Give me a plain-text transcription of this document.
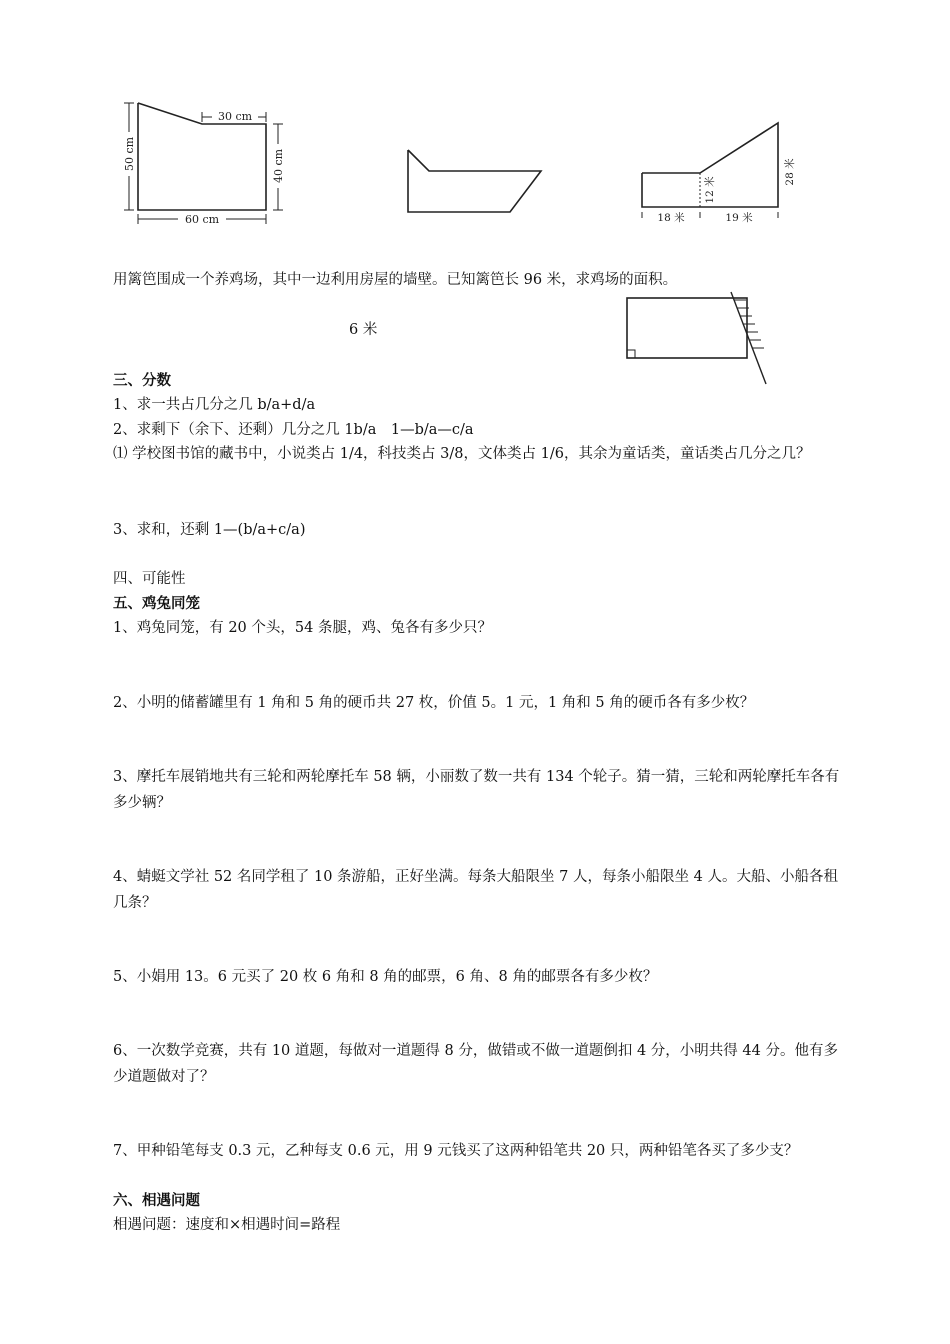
30 cm
50 cm	40 cm
60 cm
12 米
28 米
18 米	19 米
用篱笆围成一个养鸡场，其中一边利用房屋的墙壁。已知篱笆长 96 米，求鸡场的面积。
6 米
三、分数
1、求一共占几分之几 b/a+d/a
2、求剩下（余下、还剩）几分之几 1b/a　1—b/a—c/a
⑴ 学校图书馆的藏书中，小说类占 1/4，科技类占 3/8，文体类占 1/6，其余为童话类，童话类占几分之几？
3、求和，还剩 1—(b/a+c/a)
四、可能性
五、鸡兔同笼
1、鸡兔同笼，有 20 个头，54 条腿，鸡、兔各有多少只？
2、小明的储蓄罐里有 1 角和 5 角的硬币共 27 枚，价值 5。1 元，1 角和 5 角的硬币各有多少枚？
3、摩托车展销地共有三轮和两轮摩托车 58 辆，小丽数了数一共有 134 个轮子。猜一猜，三轮和两轮摩托车各有多少辆？
4、蜻蜓文学社 52 名同学租了 10 条游船，正好坐满。每条大船限坐 7 人，每条小船限坐 4 人。大船、小船各租几条？
5、小娟用 13。6 元买了 20 枚 6 角和 8 角的邮票，6 角、8 角的邮票各有多少枚？
6、一次数学竞赛，共有 10 道题，每做对一道题得 8 分，做错或不做一道题倒扣 4 分，小明共得 44 分。他有多少道题做对了？
7、甲种铅笔每支 0.3 元，乙种每支 0.6 元，用 9 元钱买了这两种铅笔共 20 只，两种铅笔各买了多少支？
六、相遇问题
相遇问题：速度和×相遇时间=路程
